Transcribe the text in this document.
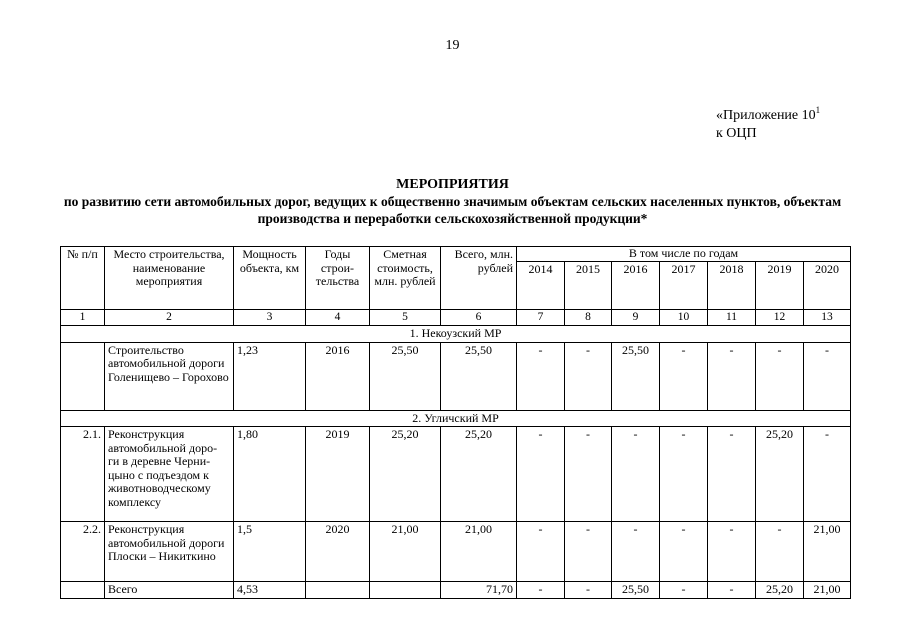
19
«Приложение $10^1$
к ОЦП
МЕРОПРИЯТИЯ
по развитию сети автомобильных дорог, ведущих к общественно значимым объектам сельских населенных пунктов, объектам производства и переработки сельскохозяйственной продукции*
№ п/п	Место строительства, наименование мероприятия	Мощность объекта, км	Годы строи- тельства	Сметная стоимость, млн. рублей	Всего, млн. рублей	В том числе по годам						
						2014	2015	2016	2017	2018	2019	2020
1	2	3	4	5	6	7	8	9	10	11	12	13
1. Некоузский МР												
	Строительство автомобильной дороги Голенищево – Горохово	1,23	2016	25,50	25,50	-	-	25,50	-	-	-	-
2. Угличский МР												
2.1.	Реконструкция автомобильной доро- ги в деревне Черни- цыно с подъездом к животноводческому комплексу	1,80	2019	25,20	25,20	-	-	-	-	-	25,20	-
2.2.	Реконструкция автомобильной дороги Плоски – Никиткино	1,5	2020	21,00	21,00	-	-	-	-	-	-	21,00
	Всего	4,53			71,70	-	-	25,50	-	-	25,20	21,00
